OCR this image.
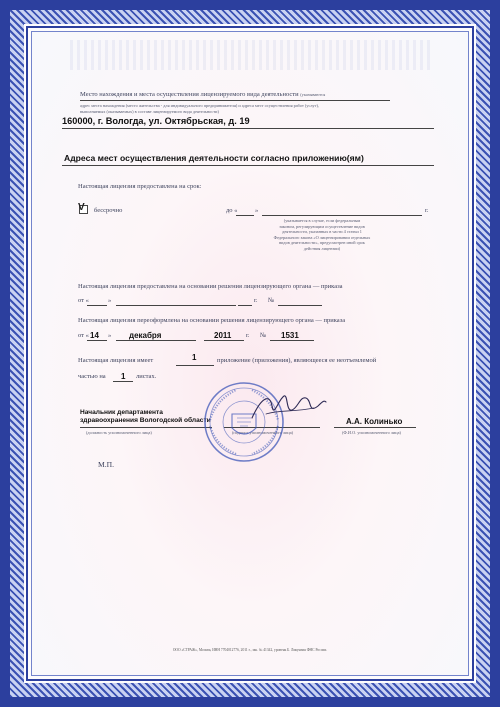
Место нахождения и места осуществления лицензируемого вида деятельности (указываются
адрес места нахождения (место жительства - для индивидуального предпринимателя) и адреса мест осуществления работ (услуг),
выполняемых (оказываемых) в составе лицензируемого вида деятельности)
160000, г. Вологда, ул. Октябрьская, д. 19
Адреса мест осуществления деятельности согласно приложению(ям)
Настоящая лицензия предоставлена на срок:
V бессрочно	до «	»	г.
(указывается в случае, если федеральным
законом, регулирующим осуществление видов
деятельности, указанных в части 4 статьи 1
Федерального закона «О лицензировании отдельных
видов деятельности», предусмотрен иной срок
действия лицензии)
Настоящая лицензия предоставлена на основании решения лицензирующего органа — приказа
от «	»	г. №
Настоящая лицензия переоформлена на основании решения лицензирующего органа — приказа
от « 14 » декабря	2011 г. № 1531
Настоящая лицензия имеет	1	приложение (приложения), являющееся ее неотъемлемой
частью на 1 листах.
Начальник департамента
здравоохранения Вологодской области
(должность уполномоченного лица)	(подпись уполномоченного лица)
А.А. Колинько
(Ф.И.О. уполномоченного лица)
М.П.
ООО «СТРАЖ», Москва, ИНН 7704012776, 2011 г., зак. № 41342, уровень Б. Лицензия ФНС России.
